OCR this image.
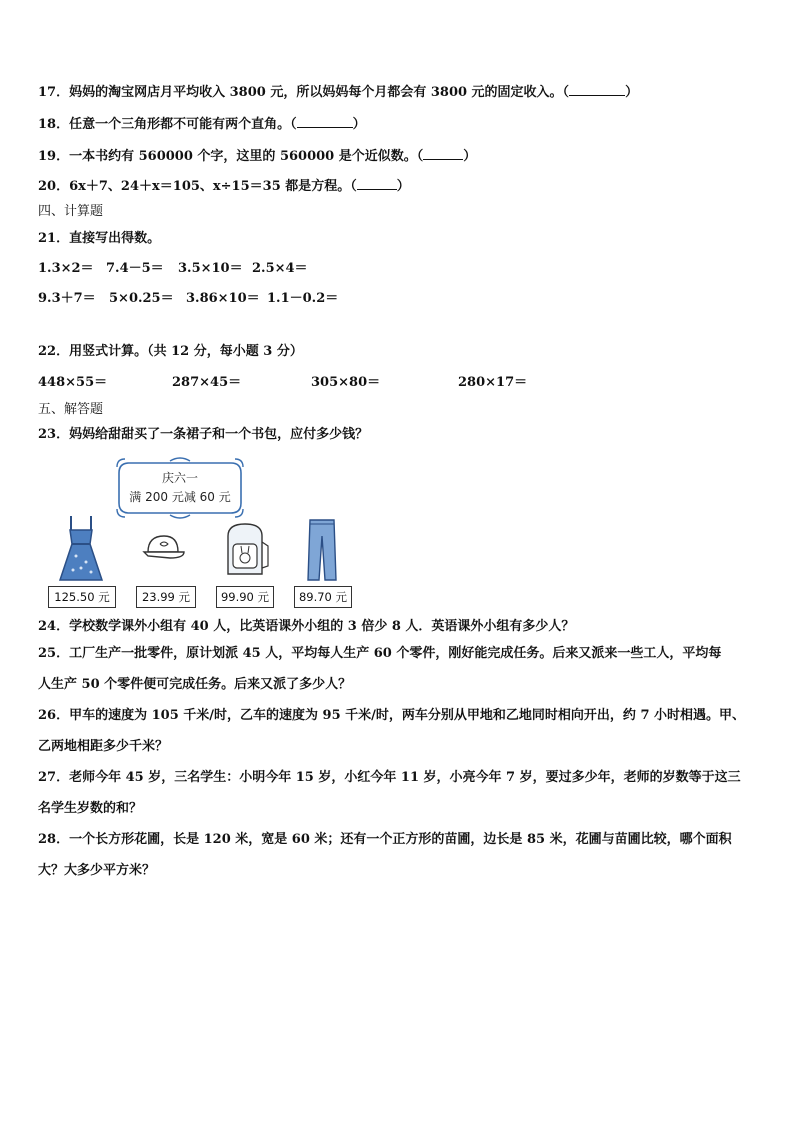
17．妈妈的淘宝网店月平均收入 3800 元，所以妈妈每个月都会有 3800 元的固定收入。（	）
18．任意一个三角形都不可能有两个直角。（	）
19．一本书约有 560000 个字，这里的 560000 是个近似数。（	）
20．6x＋7、24＋x＝105、x÷15＝35 都是方程。（	）
四、计算题
21．直接写出得数。
1.3×2＝ 7.4－5＝ 3.5×10＝ 2.5×4＝
9.3＋7＝ 5×0.25＝ 3.86×10＝ 1.1－0.2＝
22．用竖式计算。（共 12 分，每小题 3 分）
448×55＝	287×45＝	305×80＝	280×17＝
五、解答题
23．妈妈给甜甜买了一条裙子和一个书包，应付多少钱？
庆六一
满 200 元减 60 元
125.50 元	23.99 元	99.90 元	89.70 元
24．学校数学课外小组有 40 人，比英语课外小组的 3 倍少 8 人．英语课外小组有多少人？
25．工厂生产一批零件，原计划派 45 人，平均每人生产 60 个零件，刚好能完成任务。后来又派来一些工人，平均每
人生产 50 个零件便可完成任务。后来又派了多少人？
26．甲车的速度为 105 千米/时，乙车的速度为 95 千米/时，两车分别从甲地和乙地同时相向开出，约 7 小时相遇。甲、
乙两地相距多少千米？
27．老师今年 45 岁，三名学生：小明今年 15 岁，小红今年 11 岁，小亮今年 7 岁，要过多少年，老师的岁数等于这三
名学生岁数的和？
28．一个长方形花圃，长是 120 米，宽是 60 米；还有一个正方形的苗圃，边长是 85 米，花圃与苗圃比较，哪个面积
大？大多少平方米？
